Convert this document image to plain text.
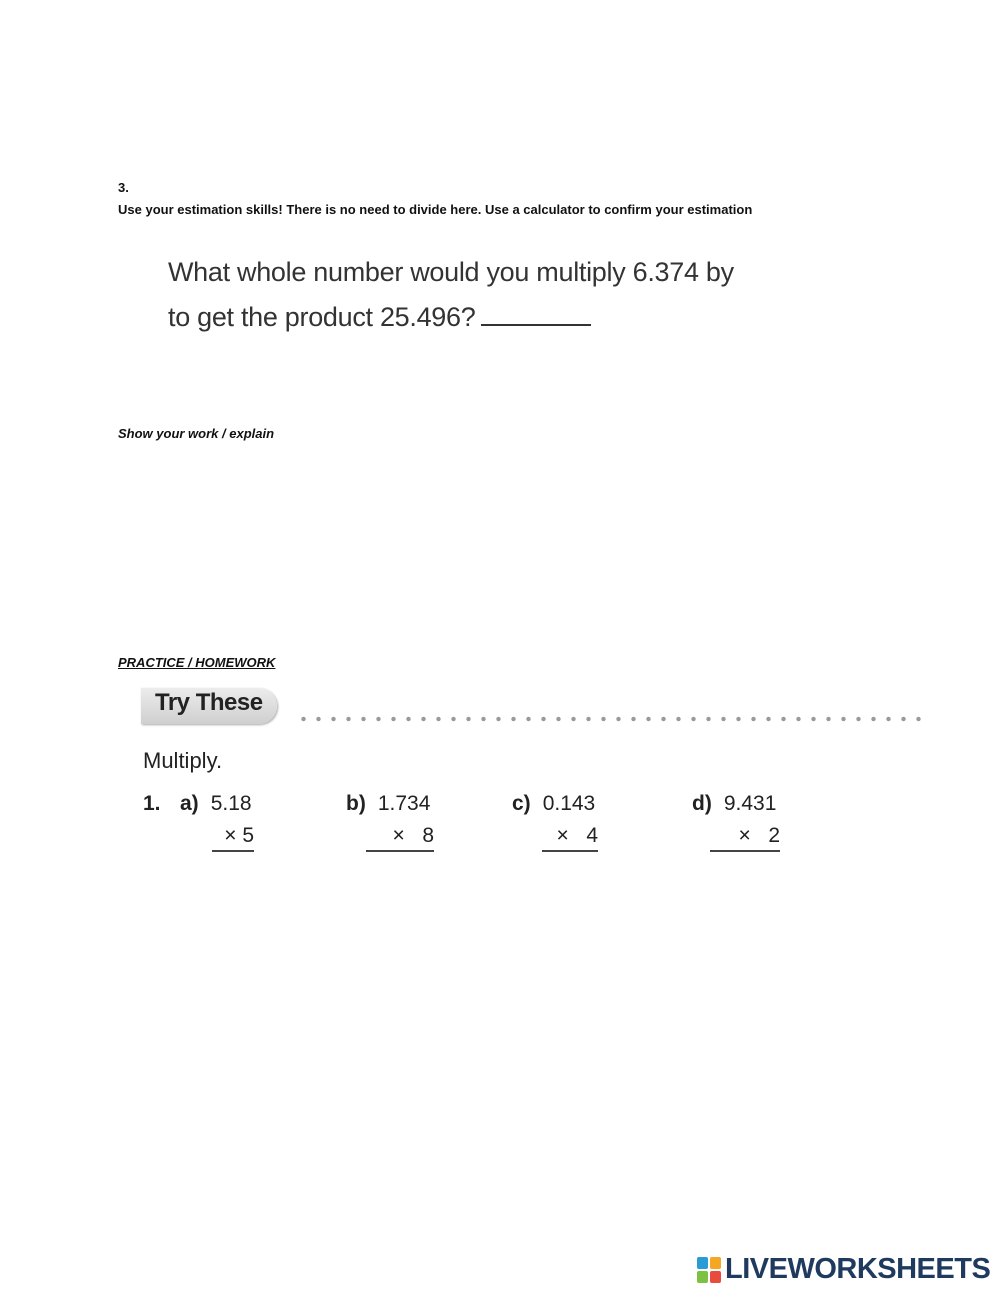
3.
Use your estimation skills! There is no need to divide here. Use a calculator to confirm your estimation
What whole number would you multiply 6.374 by
to get the product 25.496?
Show your work / explain
PRACTICE / HOMEWORK
Try These
Multiply.
1. a) 5.18
× 5
b) 1.734
×   8
c) 0.143
×   4
d) 9.431
×   2
LIVEWORKSHEETS
